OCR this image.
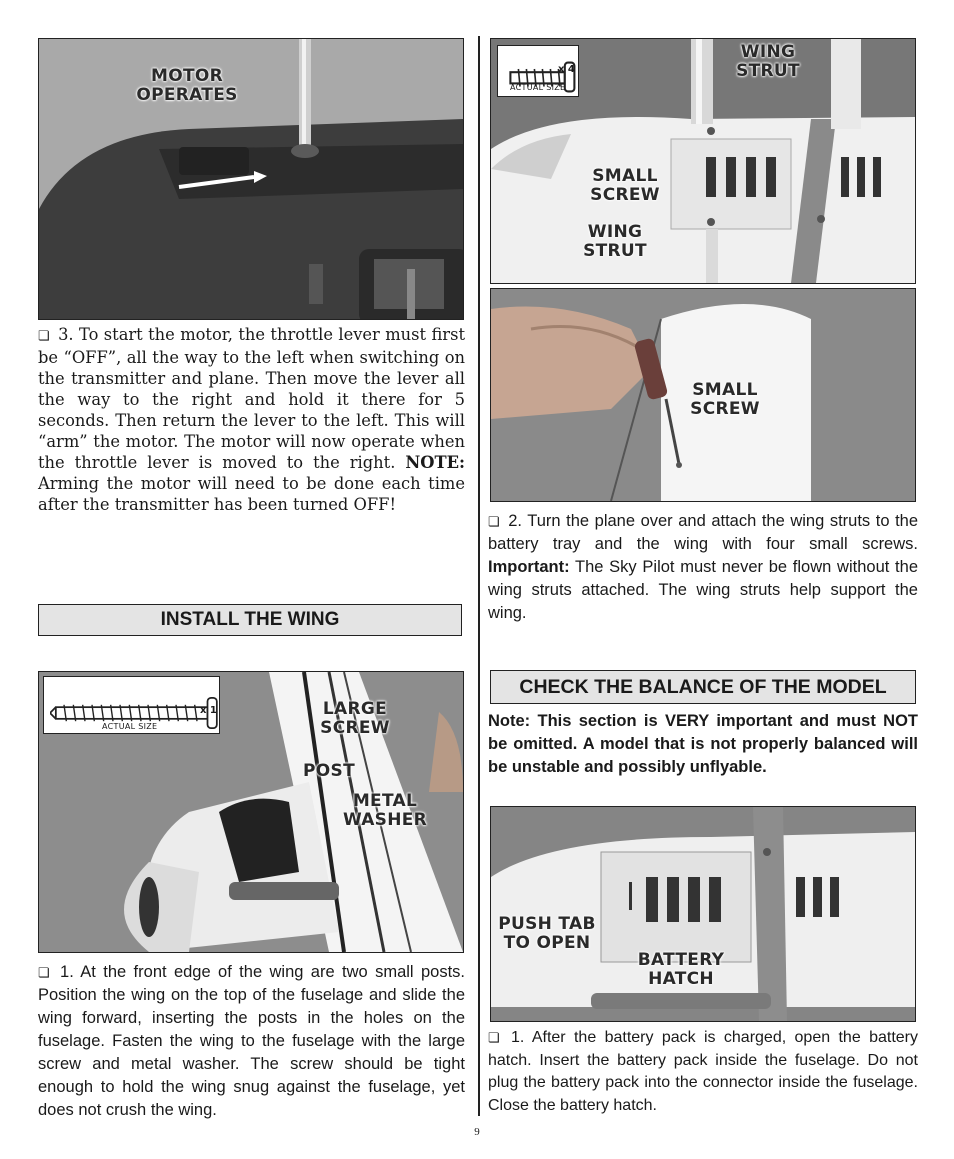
MOTOR
OPERATES
❏ 3. To start the motor, the throttle lever must first be “OFF”, all the way to the left when switching on the transmitter and plane. Then move the lever all the way to the right and hold it there for 5 seconds. Then return the lever to the left. This will “arm” the motor. The motor will now operate when the throttle lever is moved to the right. NOTE: Arming the motor will need to be done each time after the transmitter has been turned OFF!
INSTALL THE WING
x 1
ACTUAL SIZE
LARGE
SCREW
POST
METAL
WASHER
❏ 1. At the front edge of the wing are two small posts. Position the wing on the top of the fuselage and slide the wing forward, inserting the posts in the holes on the fuselage. Fasten the wing to the fuselage with the large screw and metal washer. The screw should be tight enough to hold the wing snug against the fuselage, yet does not crush the wing.
x 4
ACTUAL SIZE
WING
STRUT
SMALL
SCREW
WING
STRUT
SMALL
SCREW
❏ 2. Turn the plane over and attach the wing struts to the battery tray and the wing with four small screws. Important: The Sky Pilot must never be flown without the wing struts attached. The wing struts help support the wing.
CHECK THE BALANCE OF THE MODEL
Note: This section is VERY important and must NOT be omitted. A model that is not properly balanced will be unstable and possibly unflyable.
PUSH TAB
TO OPEN
BATTERY
HATCH
❏ 1. After the battery pack is charged, open the battery hatch. Insert the battery pack inside the fuselage. Do not plug the battery pack into the connector inside the fuselage. Close the battery hatch.
9
